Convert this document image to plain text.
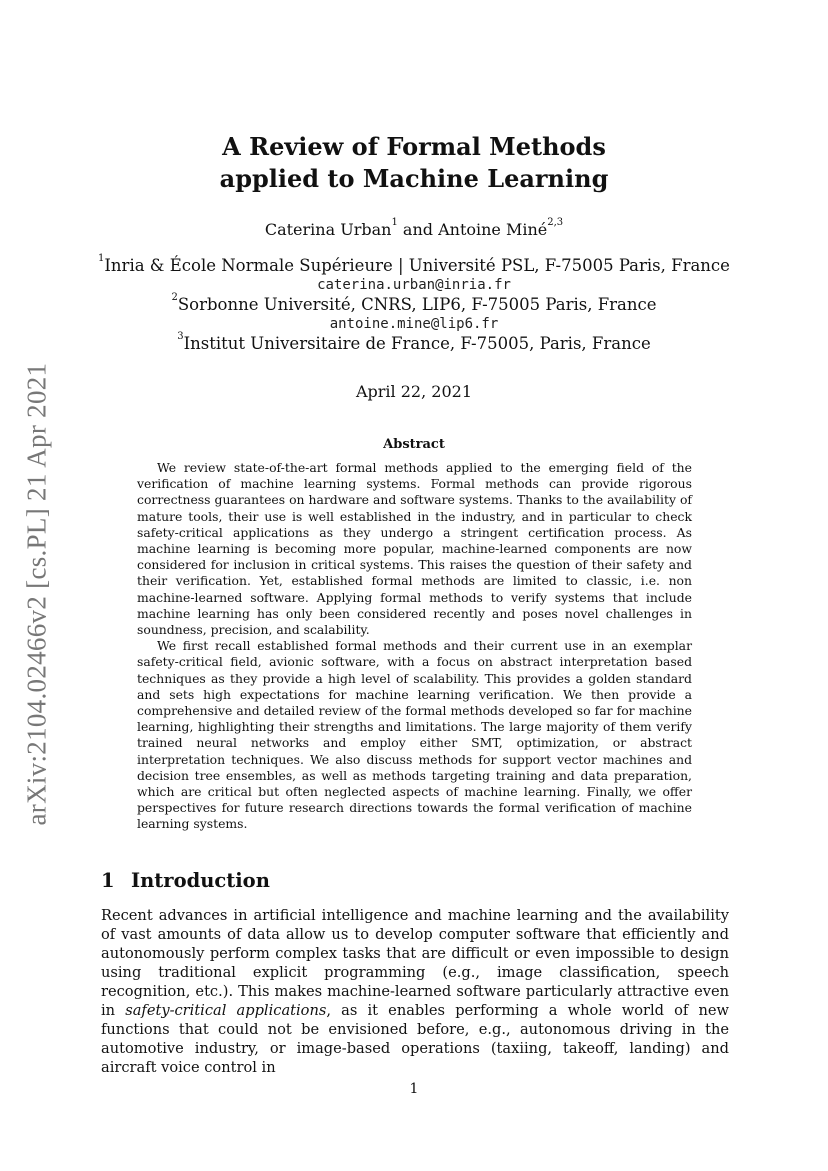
arXiv:2104.02466v2 [cs.PL] 21 Apr 2021
A Review of Formal Methods
applied to Machine Learning
Caterina Urban$^1$ and Antoine Miné$^{2,3}$
$^1$Inria & École Normale Supérieure | Université PSL, F-75005 Paris, France
caterina.urban@inria.fr
$^2$Sorbonne Université, CNRS, LIP6, F-75005 Paris, France
antoine.mine@lip6.fr
$^3$Institut Universitaire de France, F-75005, Paris, France
April 22, 2021
Abstract

We review state-of-the-art formal methods applied to the emerging field of the verification of machine learning systems. Formal methods can provide rigorous correctness guarantees on hardware and software systems. Thanks to the availability of mature tools, their use is well established in the industry, and in particular to check safety-critical applications as they undergo a stringent certification process. As machine learning is becoming more popular, machine-learned components are now considered for inclusion in critical systems. This raises the question of their safety and their verification. Yet, established formal methods are limited to classic, i.e. non machine-learned software. Applying formal methods to verify systems that include machine learning has only been considered recently and poses novel challenges in soundness, precision, and scalability.

We first recall established formal methods and their current use in an exemplar safety-critical field, avionic software, with a focus on abstract interpretation based techniques as they provide a high level of scalability. This provides a golden standard and sets high expectations for machine learning verification. We then provide a comprehensive and detailed review of the formal methods developed so far for machine learning, highlighting their strengths and limitations. The large majority of them verify trained neural networks and employ either SMT, optimization, or abstract interpretation techniques. We also discuss methods for support vector machines and decision tree ensembles, as well as methods targeting training and data preparation, which are critical but often neglected aspects of machine learning. Finally, we offer perspectives for future research directions towards the formal verification of machine learning systems.

1 Introduction

Recent advances in artificial intelligence and machine learning and the availability of vast amounts of data allow us to develop computer software that efficiently and autonomously perform complex tasks that are difficult or even impossible to design using traditional explicit programming (e.g., image classification, speech recognition, etc.). This makes machine-learned software particularly attractive even in safety-critical applications, as it enables performing a whole world of new functions that could not be envisioned before, e.g., autonomous driving in the automotive industry, or image-based operations (taxiing, takeoff, landing) and aircraft voice control in

1
